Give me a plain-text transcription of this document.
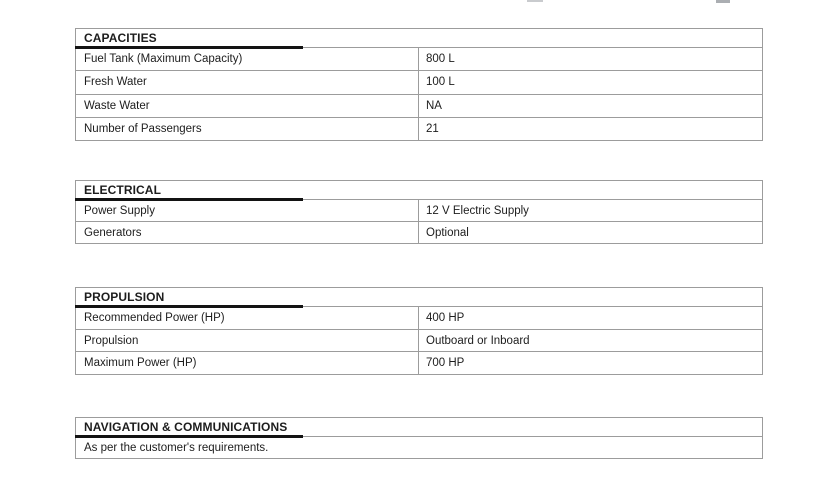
CAPACITIES
Fuel Tank (Maximum Capacity)	800 L
Fresh Water	100 L
Waste Water	NA
Number of Passengers	21
ELECTRICAL
Power Supply	12 V Electric Supply
Generators	Optional
PROPULSION
Recommended Power (HP)	400 HP
Propulsion	Outboard or Inboard
Maximum Power (HP)	700 HP
NAVIGATION & COMMUNICATIONS
As per the customer's requirements.
